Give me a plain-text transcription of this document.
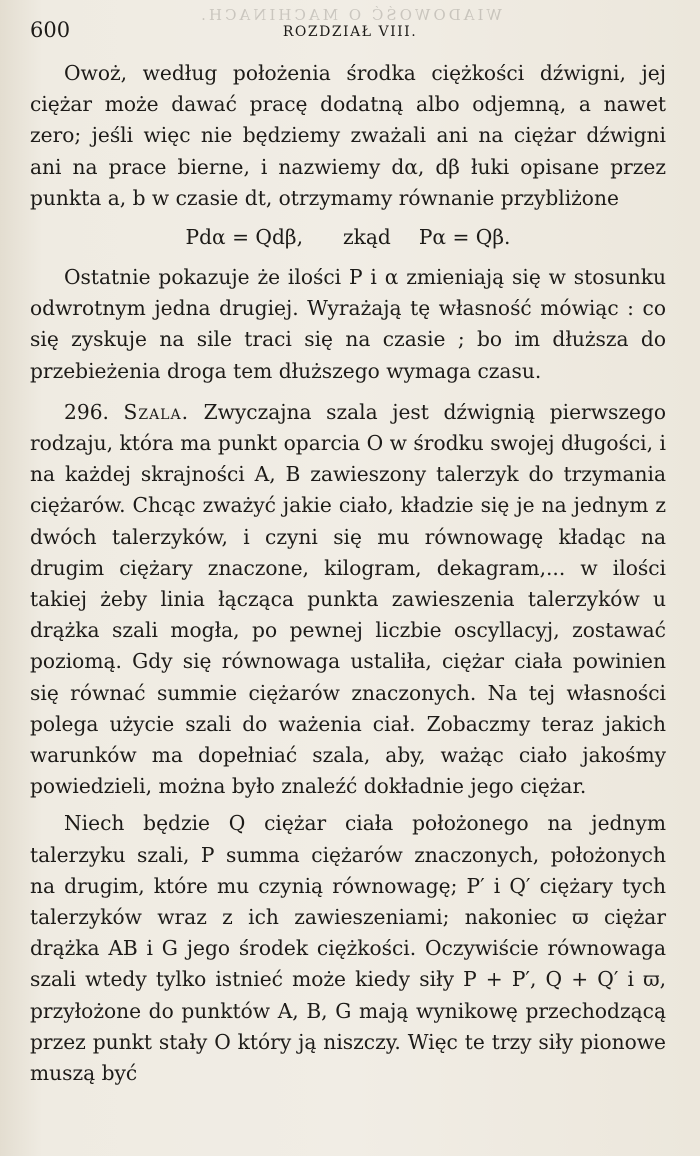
WIADOWOŚĆ O MACHINACH.
600	ROZDZIAŁ VIII.

Owoż, według położenia środka ciężkości dźwigni, jej ciężar może dawać pracę dodatną albo odjemną, a nawet zero; jeśli więc nie będziemy zważali ani na ciężar dźwigni ani na prace bierne, i nazwiemy dα, dβ łuki opisane przez punkta a, b w czasie dt, otrzymamy równanie przybliżone

Pdα = Qdβ, zkąd Pα = Qβ.

Ostatnie pokazuje że ilości P i α zmieniają się w stosunku odwrotnym jedna drugiej. Wyrażają tę własność mówiąc : co się zyskuje na sile traci się na czasie ; bo im dłuższa do przebieżenia droga tem dłuższego wymaga czasu.

296. Szala. Zwyczajna szala jest dźwignią pierwszego rodzaju, która ma punkt oparcia O w środku swojej długości, i na każdej skrajności A, B zawieszony talerzyk do trzymania ciężarów. Chcąc zważyć jakie ciało, kładzie się je na jednym z dwóch talerzyków, i czyni się mu równowagę kładąc na drugim ciężary znaczone, kilogram, dekagram,... w ilości takiej żeby linia łącząca punkta zawieszenia talerzyków u drążka szali mogła, po pewnej liczbie oscyllacyj, zostawać poziomą. Gdy się równowaga ustaliła, ciężar ciała powinien się równać summie ciężarów znaczonych. Na tej własności polega użycie szali do ważenia ciał. Zobaczmy teraz jakich warunków ma dopełniać szala, aby, ważąc ciało jakośmy powiedzieli, można było znaleźć dokładnie jego ciężar.

Niech będzie Q ciężar ciała położonego na jednym talerzyku szali, P summa ciężarów znaczonych, położonych na drugim, które mu czynią równowagę; P′ i Q′ ciężary tych talerzyków wraz z ich zawieszeniami; nakoniec ϖ ciężar drążka AB i G jego środek ciężkości. Oczywiście równowaga szali wtedy tylko istnieć może kiedy siły P + P′, Q + Q′ i ϖ, przyłożone do punktów A, B, G mają wynikowę przechodzącą przez punkt stały O który ją niszczy. Więc te trzy siły pionowe muszą być
